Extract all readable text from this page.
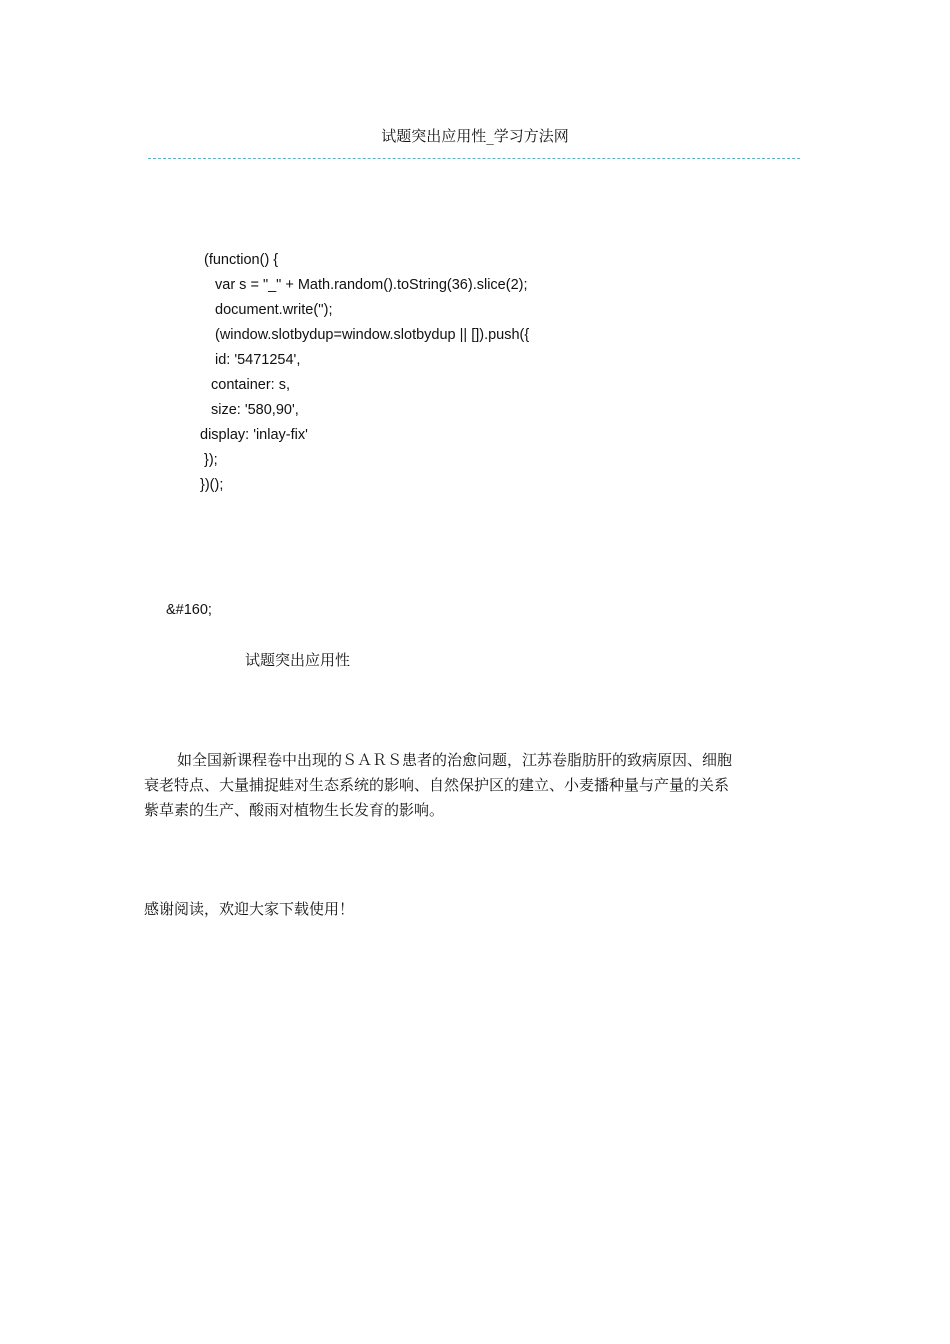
试题突出应用性_学习方法网
(function() {
var s = "_" + Math.random().toString(36).slice(2);
document.write('');
(window.slotbydup=window.slotbydup || []).push({
id: '5471254',
container: s,
size: '580,90',
display: 'inlay-fix'
});
})();
&#160;
试题突出应用性
如全国新课程卷中出现的ＳＡＲＳ患者的治愈问题，江苏卷脂肪肝的致病原因、细胞
衰老特点、大量捕捉蛙对生态系统的影响、自然保护区的建立、小麦播种量与产量的关系
紫草素的生产、酸雨对植物生长发育的影响。
感谢阅读，欢迎大家下载使用！
